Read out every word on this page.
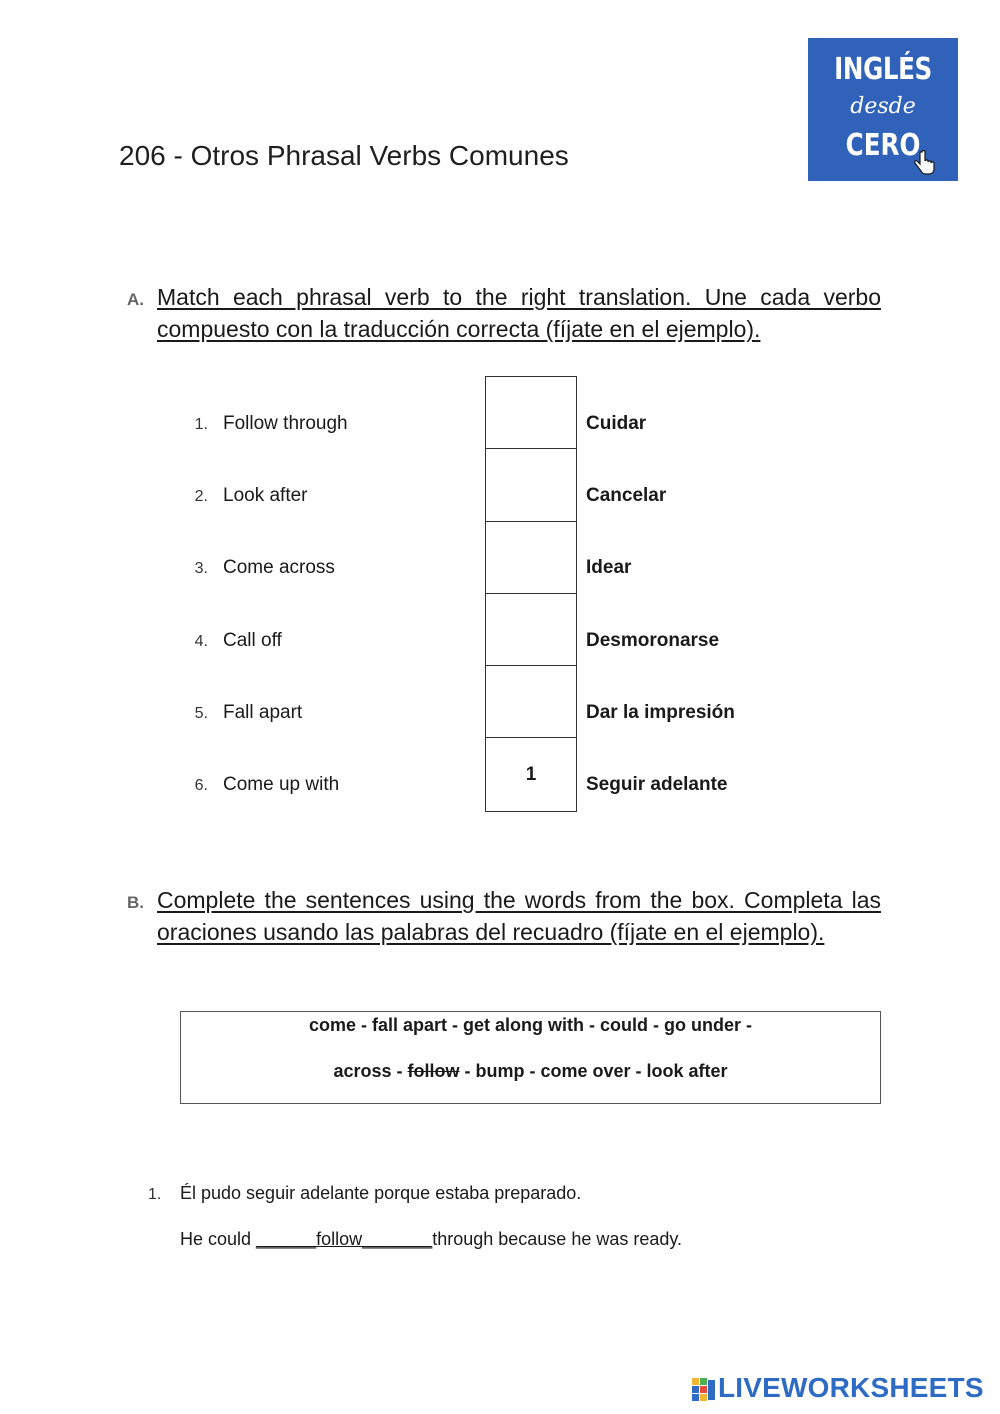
206 - Otros Phrasal Verbs Comunes
INGLÉS
desde
CERO
A. Match each phrasal verb to the right translation. Une cada verbo compuesto con la traducción correcta (fíjate en el ejemplo).
1. Follow through	Cuidar
2. Look after	Cancelar
3. Come across	Idear
4. Call off	Desmoronarse
5. Fall apart	Dar la impresión
6. Come up with	Seguir adelante
1
B. Complete the sentences using the words from the box. Completa las oraciones usando las palabras del recuadro (fíjate en el ejemplo).
come - fall apart - get along with - could - go under -
across - follow - bump - come over - look after
1. Él pudo seguir adelante porque estaba preparado.
He could ______follow_______through because he was ready.
LIVEWORKSHEETS
